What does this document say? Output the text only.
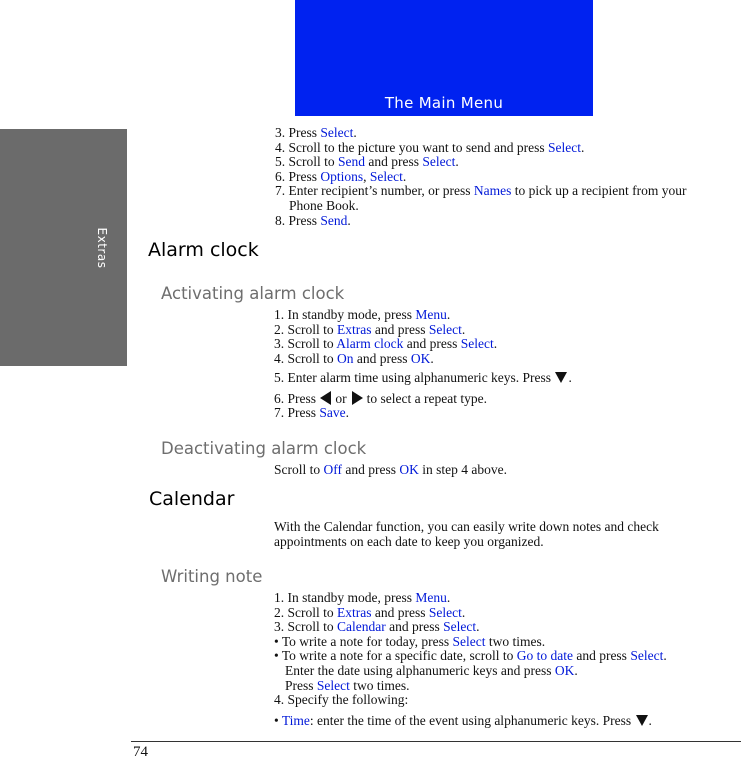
Extras
The Main Menu
3. Press Select.
4. Scroll to the picture you want to send and press Select.
5. Scroll to Send and press Select.
6. Press Options, Select.
7. Enter recipient’s number, or press Names to pick up a recipient from your
Phone Book.
8. Press Send.
Alarm clock
Activating alarm clock
1. In standby mode, press Menu.
2. Scroll to Extras and press Select.
3. Scroll to Alarm clock and press Select.
4. Scroll to On and press OK.
5. Enter alarm time using alphanumeric keys. Press .
6. Press or to select a repeat type.
7. Press Save.
Deactivating alarm clock
Scroll to Off and press OK in step 4 above.
Calendar
With the Calendar function, you can easily write down notes and check
appointments on each date to keep you organized.
Writing note
1. In standby mode, press Menu.
2. Scroll to Extras and press Select.
3. Scroll to Calendar and press Select.
• To write a note for today, press Select two times.
• To write a note for a specific date, scroll to Go to date and press Select.
Enter the date using alphanumeric keys and press OK.
Press Select two times.
4. Specify the following:
• Time: enter the time of the event using alphanumeric keys. Press .
74
